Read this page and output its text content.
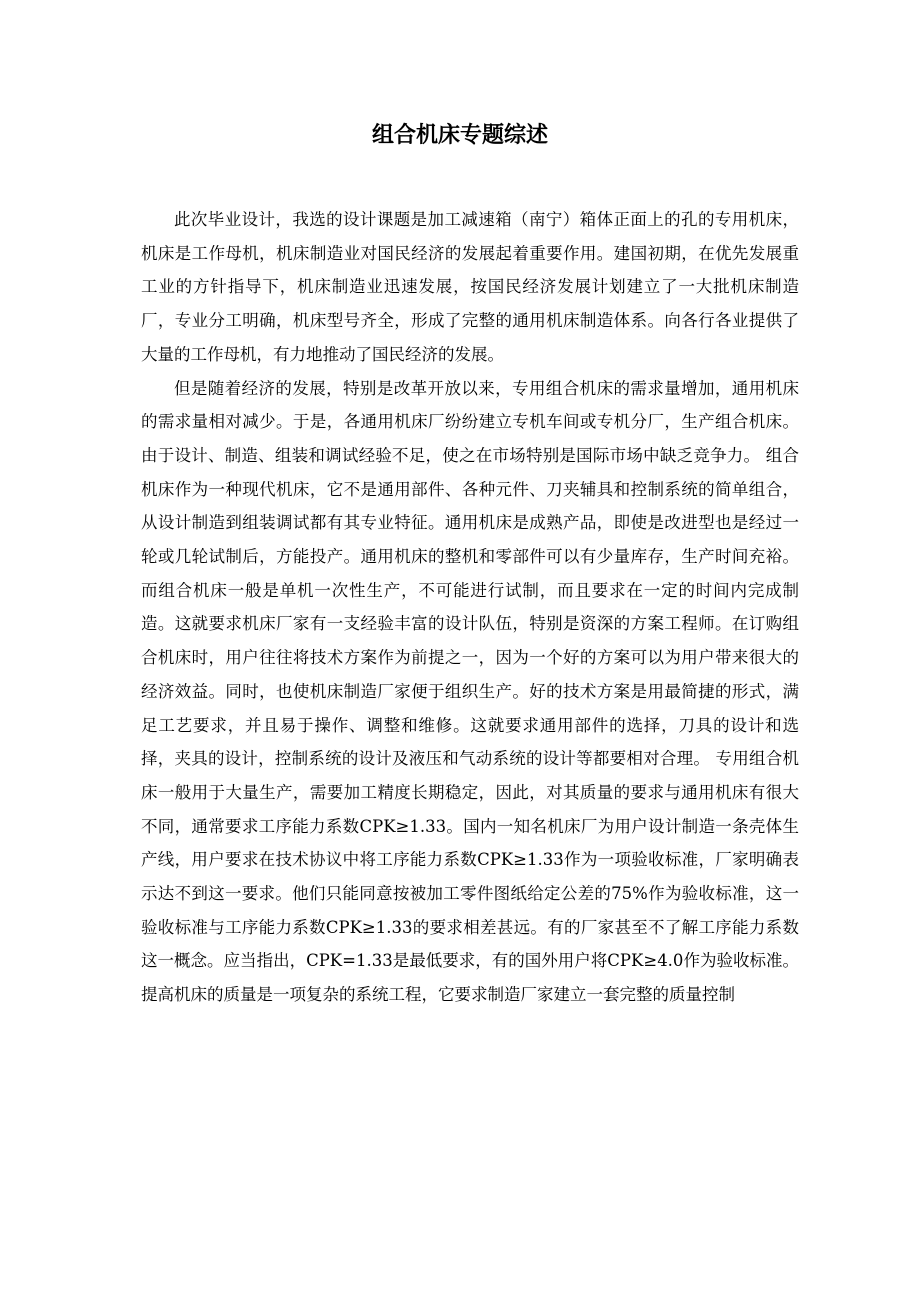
组合机床专题综述

此次毕业设计，我选的设计课题是加工减速箱（南宁）箱体正面上的孔的专用机床，机床是工作母机，机床制造业对国民经济的发展起着重要作用。建国初期，在优先发展重工业的方针指导下，机床制造业迅速发展，按国民经济发展计划建立了一大批机床制造厂，专业分工明确，机床型号齐全，形成了完整的通用机床制造体系。向各行各业提供了大量的工作母机，有力地推动了国民经济的发展。

但是随着经济的发展，特别是改革开放以来，专用组合机床的需求量增加，通用机床的需求量相对减少。于是，各通用机床厂纷纷建立专机车间或专机分厂，生产组合机床。由于设计、制造、组装和调试经验不足，使之在市场特别是国际市场中缺乏竞争力。 组合机床作为一种现代机床，它不是通用部件、各种元件、刀夹辅具和控制系统的简单组合，从设计制造到组装调试都有其专业特征。通用机床是成熟产品，即使是改进型也是经过一轮或几轮试制后，方能投产。通用机床的整机和零部件可以有少量库存，生产时间充裕。而组合机床一般是单机一次性生产，不可能进行试制，而且要求在一定的时间内完成制造。这就要求机床厂家有一支经验丰富的设计队伍，特别是资深的方案工程师。在订购组合机床时，用户往往将技术方案作为前提之一，因为一个好的方案可以为用户带来很大的经济效益。同时，也使机床制造厂家便于组织生产。好的技术方案是用最简捷的形式，满足工艺要求，并且易于操作、调整和维修。这就要求通用部件的选择，刀具的设计和选择，夹具的设计，控制系统的设计及液压和气动系统的设计等都要相对合理。 专用组合机床一般用于大量生产，需要加工精度长期稳定，因此，对其质量的要求与通用机床有很大不同，通常要求工序能力系数CPK≥1.33。国内一知名机床厂为用户设计制造一条壳体生产线，用户要求在技术协议中将工序能力系数CPK≥1.33作为一项验收标准，厂家明确表示达不到这一要求。他们只能同意按被加工零件图纸给定公差的75%作为验收标准，这一验收标准与工序能力系数CPK≥1.33的要求相差甚远。有的厂家甚至不了解工序能力系数这一概念。应当指出，CPK=1.33是最低要求，有的国外用户将CPK≥4.0作为验收标准。提高机床的质量是一项复杂的系统工程，它要求制造厂家建立一套完整的质量控制
